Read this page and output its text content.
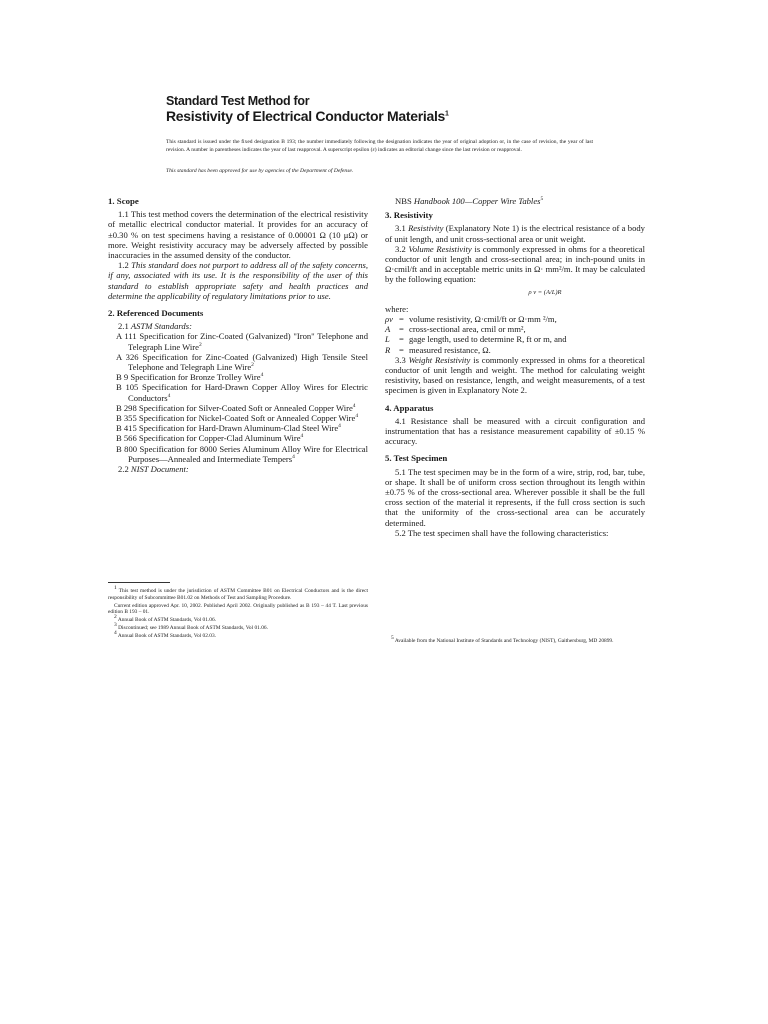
Standard Test Method for
Resistivity of Electrical Conductor Materials$^1$
This standard is issued under the fixed designation B 193; the number immediately following the designation indicates the year of original adoption or, in the case of revision, the year of last revision. A number in parentheses indicates the year of last reapproval. A superscript epsilon (ε) indicates an editorial change since the last revision or reapproval.
This standard has been approved for use by agencies of the Department of Defense.
1. Scope

1.1 This test method covers the determination of the electrical resistivity of metallic electrical conductor material. It provides for an accuracy of ±0.30 % on test specimens having a resistance of 0.00001 Ω (10 μΩ) or more. Weight resistivity accuracy may be adversely affected by possible inaccuracies in the assumed density of the conductor.

1.2 This standard does not purport to address all of the safety concerns, if any, associated with its use. It is the responsibility of the user of this standard to establish appropriate safety and health practices and determine the applicability of regulatory limitations prior to use.

2. Referenced Documents

2.1 ASTM Standards:

A 111 Specification for Zinc-Coated (Galvanized) "Iron" Telephone and Telegraph Line Wire$^2$

A 326 Specification for Zinc-Coated (Galvanized) High Tensile Steel Telephone and Telegraph Line Wire$^2$

B 9 Specification for Bronze Trolley Wire$^4$

B 105 Specification for Hard-Drawn Copper Alloy Wires for Electric Conductors$^4$

B 298 Specification for Silver-Coated Soft or Annealed Copper Wire$^4$

B 355 Specification for Nickel-Coated Soft or Annealed Copper Wire$^4$

B 415 Specification for Hard-Drawn Aluminum-Clad Steel Wire$^4$

B 566 Specification for Copper-Clad Aluminum Wire$^4$

B 800 Specification for 8000 Series Aluminum Alloy Wire for Electrical Purposes—Annealed and Intermediate Tempers$^4$

2.2 NIST Document:

$^1$ This test method is under the jurisdiction of ASTM Committee B01 on Electrical Conductors and is the direct responsibility of Subcommittee B01.02 on Methods of Test and Sampling Procedure.

Current edition approved Apr. 10, 2002. Published April 2002. Originally published as B 193 – 44 T. Last previous edition B 193 – 01.

$^2$ Annual Book of ASTM Standards, Vol 01.06.

$^3$ Discontinued; see 1989 Annual Book of ASTM Standards, Vol 01.06.

$^4$ Annual Book of ASTM Standards, Vol 02.03.

NBS Handbook 100—Copper Wire Tables$^5$

3. Resistivity

3.1 Resistivity (Explanatory Note 1) is the electrical resistance of a body of unit length, and unit cross-sectional area or unit weight.

3.2 Volume Resistivity is commonly expressed in ohms for a theoretical conductor of unit length and cross-sectional area; in inch-pound units in Ω·cmil/ft and in acceptable metric units in Ω· mm²/m. It may be calculated by the following equation:

ρ v = (A/L)R

where:

ρv = volume resistivity, Ω·cmil/ft or Ω·mm ²/m,
A	= cross-sectional area, cmil or mm²,
L	= gage length, used to determine R, ft or m, and
R	= measured resistance, Ω.

3.3 Weight Resistivity is commonly expressed in ohms for a theoretical conductor of unit length and weight. The method for calculating weight resistivity, based on resistance, length, and weight measurements, of a test specimen is given in Explanatory Note 2.

4. Apparatus

4.1 Resistance shall be measured with a circuit configuration and instrumentation that has a resistance measurement capability of ±0.15 % accuracy.

5. Test Specimen

5.1 The test specimen may be in the form of a wire, strip, rod, bar, tube, or shape. It shall be of uniform cross section throughout its length within ±0.75 % of the cross-sectional area. Wherever possible it shall be the full cross section of the material it represents, if the full cross section is such that the uniformity of the cross-sectional area can be accurately determined.

5.2 The test specimen shall have the following characteristics:

$^5$ Available from the National Institute of Standards and Technology (NIST), Gaithersburg, MD 20899.
